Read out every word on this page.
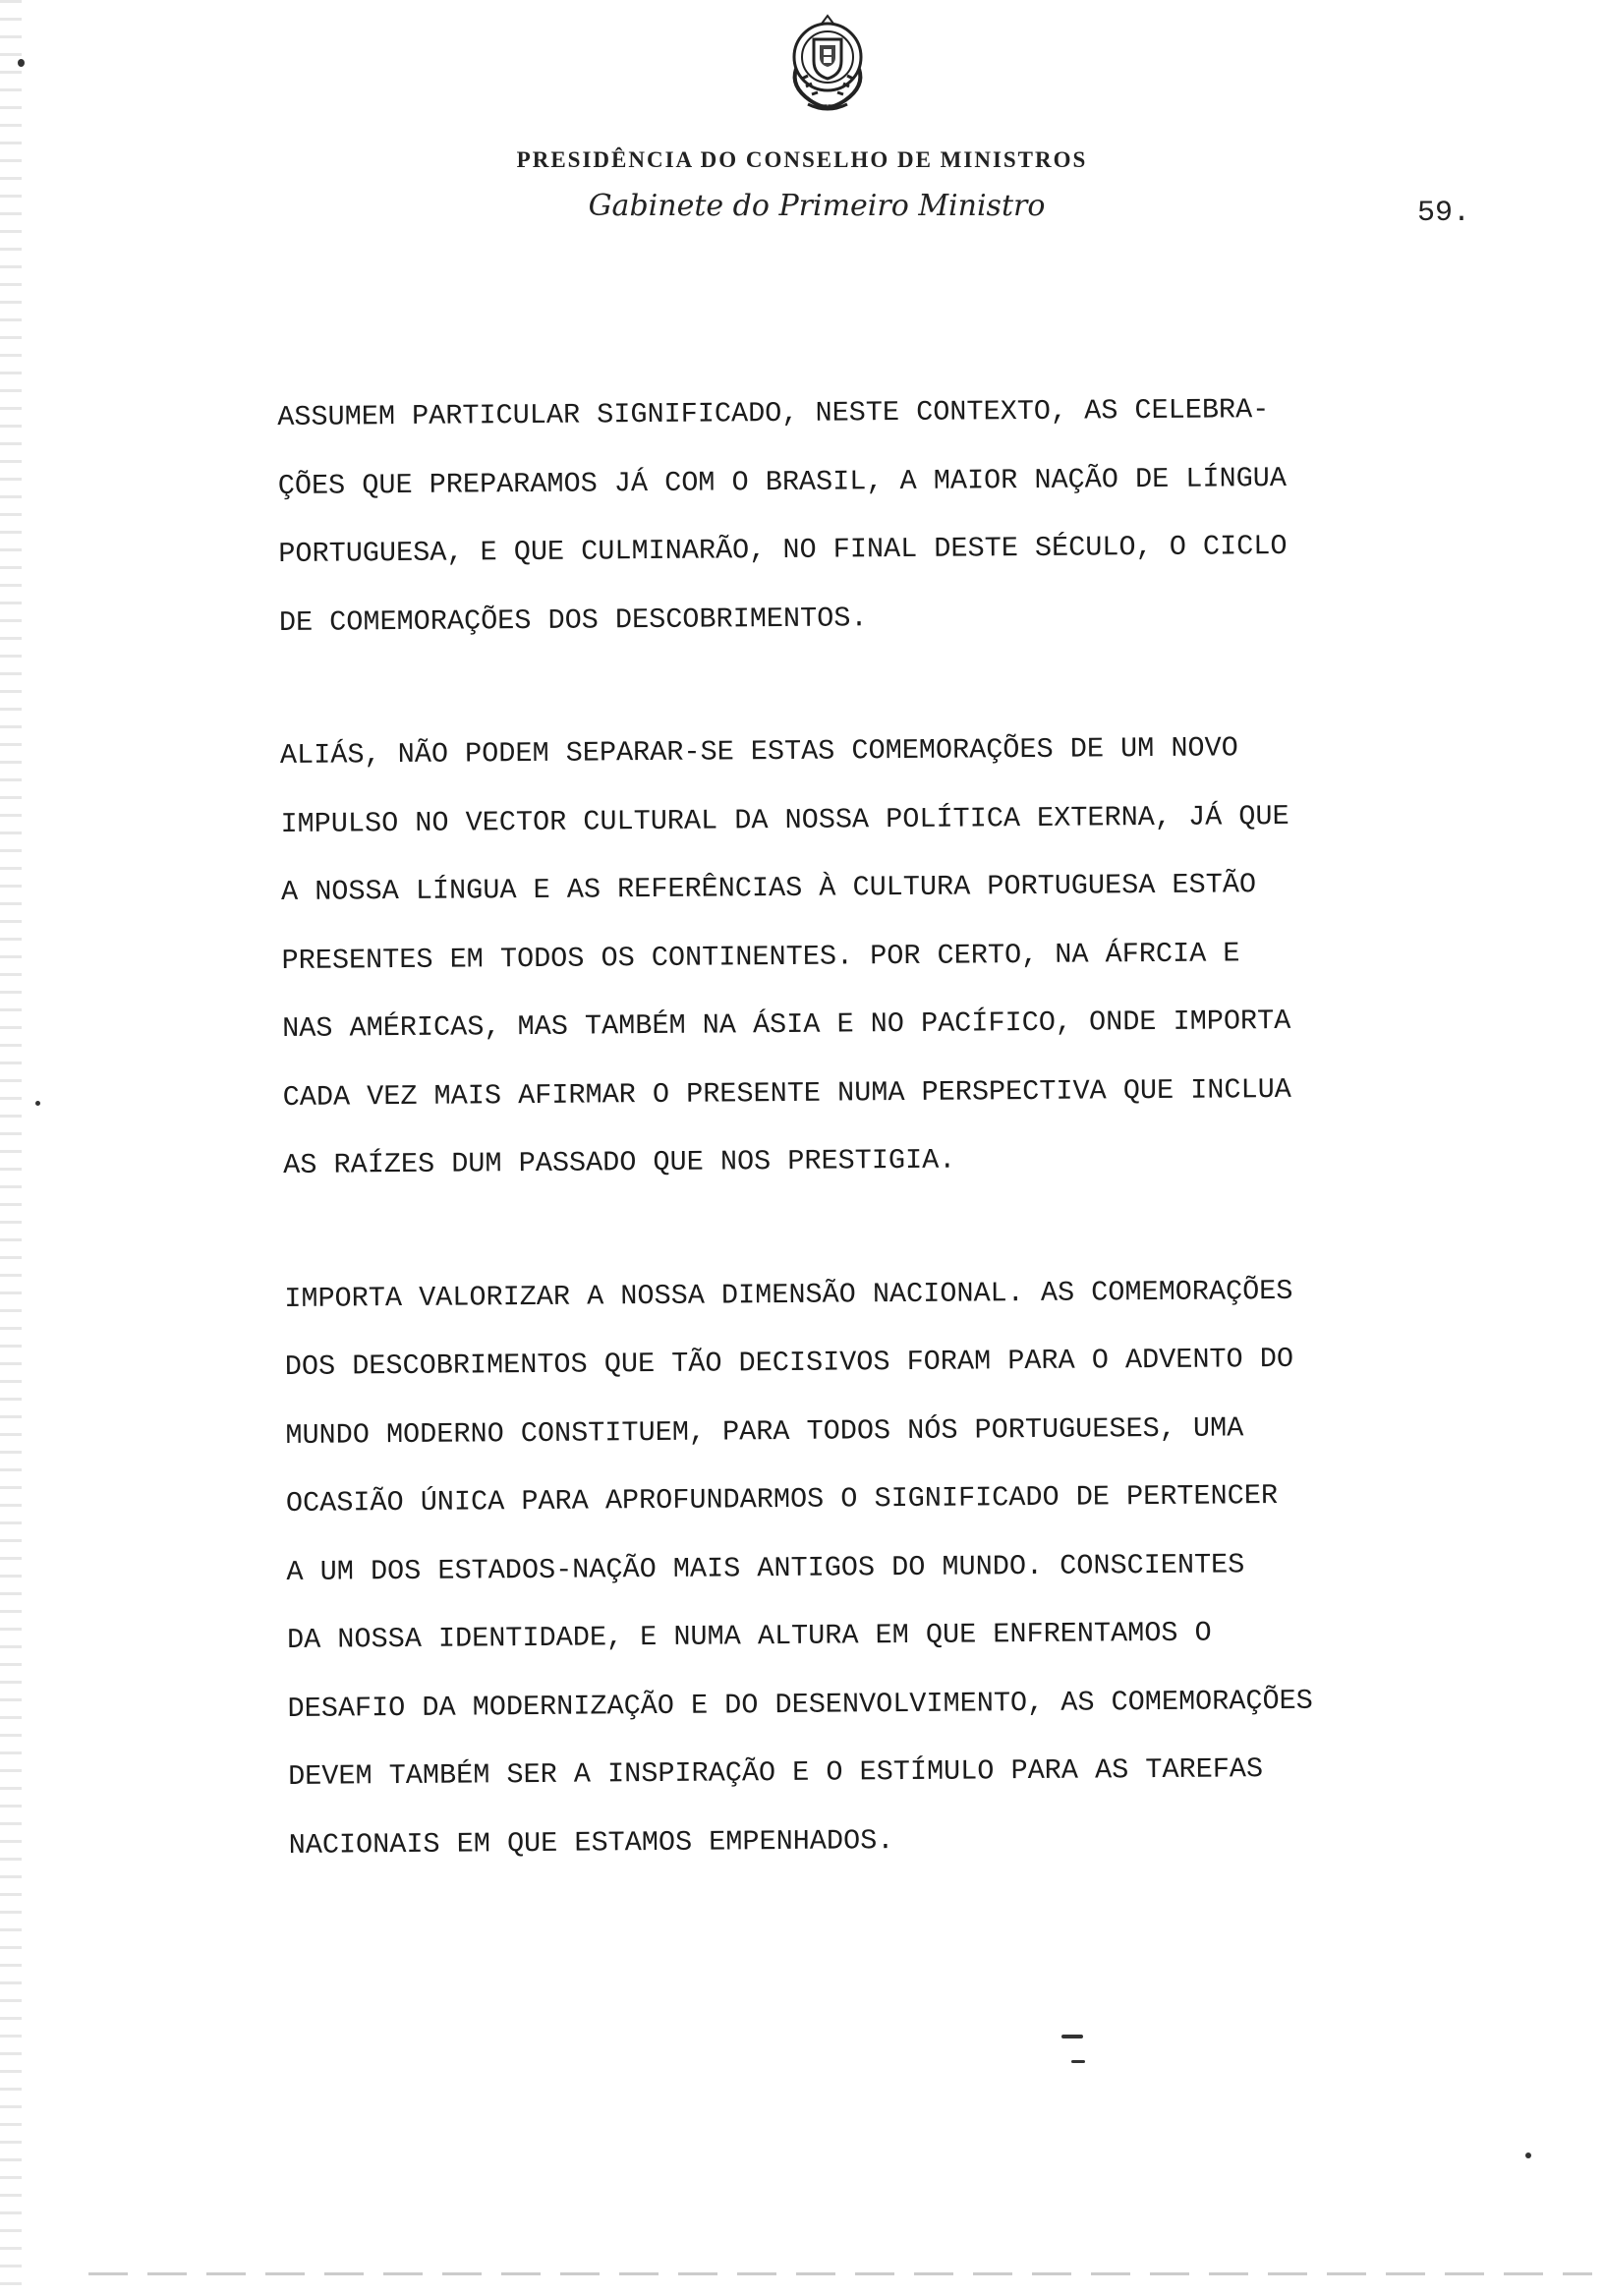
PRESIDÊNCIA DO CONSELHO DE MINISTROS
Gabinete do Primeiro Ministro	59.

ASSUMEM PARTICULAR SIGNIFICADO, NESTE CONTEXTO, AS CELEBRA-
ÇÕES QUE PREPARAMOS JÁ COM O BRASIL, A MAIOR NAÇÃO DE LÍNGUA
PORTUGUESA, E QUE CULMINARÃO, NO FINAL DESTE SÉCULO, O CICLO
DE COMEMORAÇÕES DOS DESCOBRIMENTOS.

ALIÁS, NÃO PODEM SEPARAR-SE ESTAS COMEMORAÇÕES DE UM NOVO
IMPULSO NO VECTOR CULTURAL DA NOSSA POLÍTICA EXTERNA, JÁ QUE
A NOSSA LÍNGUA E AS REFERÊNCIAS À CULTURA PORTUGUESA ESTÃO
PRESENTES EM TODOS OS CONTINENTES. POR CERTO, NA ÁFRCIA E
NAS AMÉRICAS, MAS TAMBÉM NA ÁSIA E NO PACÍFICO, ONDE IMPORTA
CADA VEZ MAIS AFIRMAR O PRESENTE NUMA PERSPECTIVA QUE INCLUA
AS RAÍZES DUM PASSADO QUE NOS PRESTIGIA.

IMPORTA VALORIZAR A NOSSA DIMENSÃO NACIONAL. AS COMEMORAÇÕES
DOS DESCOBRIMENTOS QUE TÃO DECISIVOS FORAM PARA O ADVENTO DO
MUNDO MODERNO CONSTITUEM, PARA TODOS NÓS PORTUGUESES, UMA
OCASIÃO ÚNICA PARA APROFUNDARMOS O SIGNIFICADO DE PERTENCER
A UM DOS ESTADOS-NAÇÃO MAIS ANTIGOS DO MUNDO. CONSCIENTES
DA NOSSA IDENTIDADE, E NUMA ALTURA EM QUE ENFRENTAMOS O
DESAFIO DA MODERNIZAÇÃO E DO DESENVOLVIMENTO, AS COMEMORAÇÕES
DEVEM TAMBÉM SER A INSPIRAÇÃO E O ESTÍMULO PARA AS TAREFAS
NACIONAIS EM QUE ESTAMOS EMPENHADOS.
